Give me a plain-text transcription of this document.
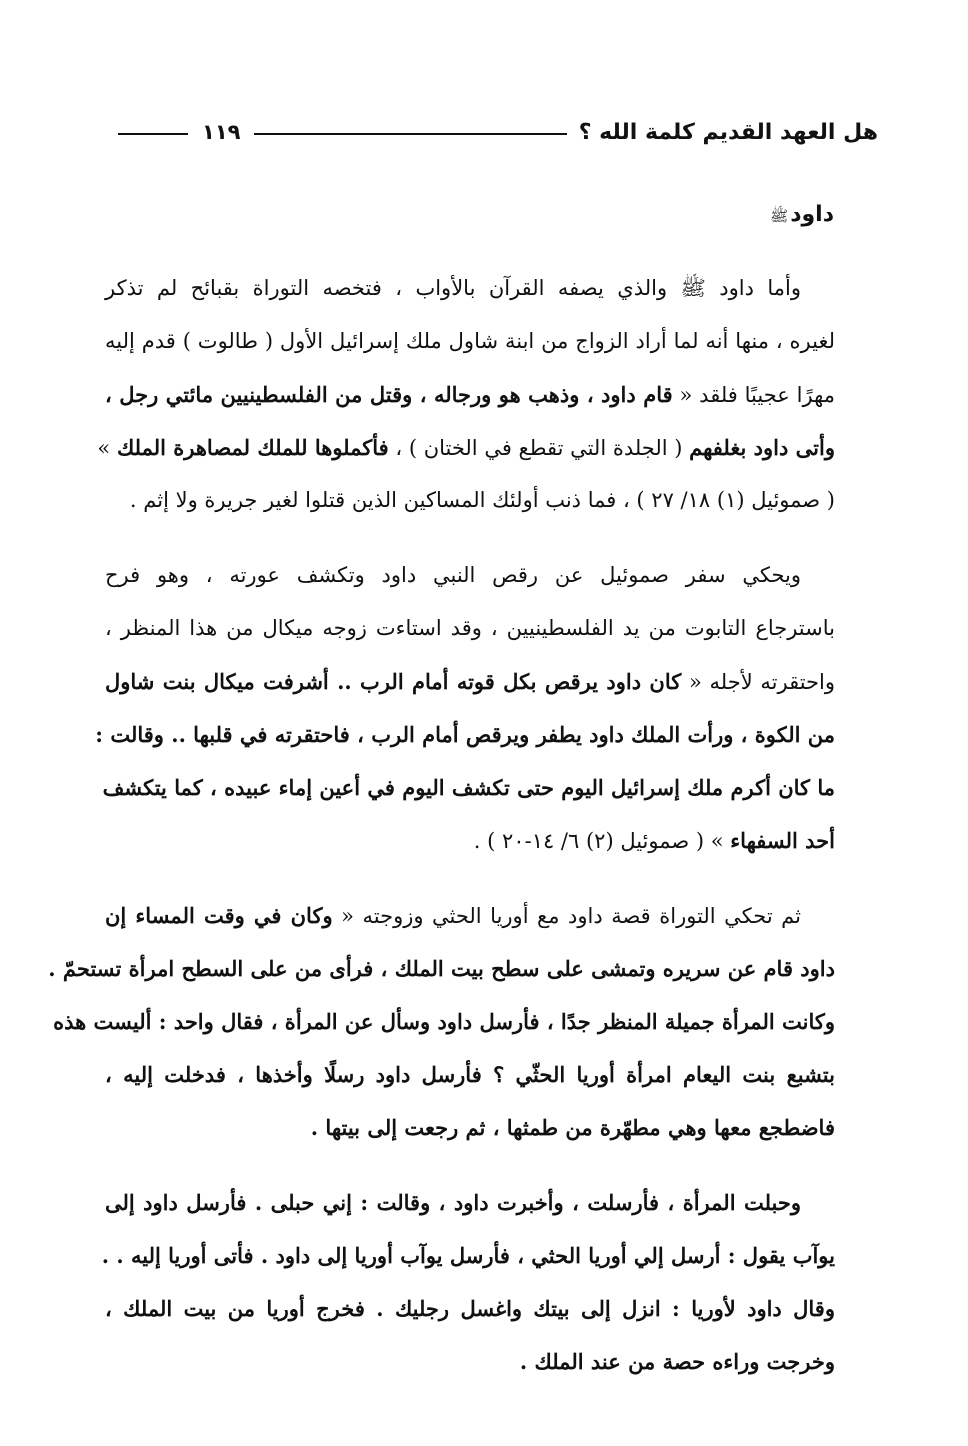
هل العهد القديم كلمة الله ؟
١١٩
داودﷺ
وأما داود ﷺ والذي يصفه القرآن بالأواب ، فتخصه التوراة بقبائح لم تذكر
لغيره ، منها أنه لما أراد الزواج من ابنة شاول ملك إسرائيل الأول ( طالوت ) قدم إليه
مهرًا عجيبًا فلقد « قام داود ، وذهب هو ورجاله ، وقتل من الفلسطينيين مائتي رجل ،
وأتى داود بغلفهم ( الجلدة التي تقطع في الختان ) ، فأكملوها للملك لمصاهرة الملك »
( صموئيل (١) ١٨/ ٢٧ ) ، فما ذنب أولئك المساكين الذين قتلوا لغير جريرة ولا إثم .
ويحكي سفر صموئيل عن رقص النبي داود وتكشف عورته ، وهو فرح
باسترجاع التابوت من يد الفلسطينيين ، وقد استاءت زوجه ميكال من هذا المنظر ،
واحتقرته لأجله « كان داود يرقص بكل قوته أمام الرب .. أشرفت ميكال بنت شاول
من الكوة ، ورأت الملك داود يطفر ويرقص أمام الرب ، فاحتقرته في قلبها .. وقالت :
ما كان أكرم ملك إسرائيل اليوم حتى تكشف اليوم في أعين إماء عبيده ، كما يتكشف
أحد السفهاء » ( صموئيل (٢) ٦/ ١٤-٢٠ ) .
ثم تحكي التوراة قصة داود مع أوريا الحثي وزوجته « وكان في وقت المساء إن
داود قام عن سريره وتمشى على سطح بيت الملك ، فرأى من على السطح امرأة تستحمّ .
وكانت المرأة جميلة المنظر جدًا ، فأرسل داود وسأل عن المرأة ، فقال واحد : أليست هذه
بتشبع بنت اليعام امرأة أوريا الحثّي ؟ فأرسل داود رسلًا وأخذها ، فدخلت إليه ،
فاضطجع معها وهي مطهّرة من طمثها ، ثم رجعت إلى بيتها .
وحبلت المرأة ، فأرسلت ، وأخبرت داود ، وقالت : إني حبلى . فأرسل داود إلى
يوآب يقول : أرسل إلي أوريا الحثي ، فأرسل يوآب أوريا إلى داود . فأتى أوريا إليه . .
وقال داود لأوريا : انزل إلى بيتك واغسل رجليك . فخرج أوريا من بيت الملك ،
وخرجت وراءه حصة من عند الملك .
